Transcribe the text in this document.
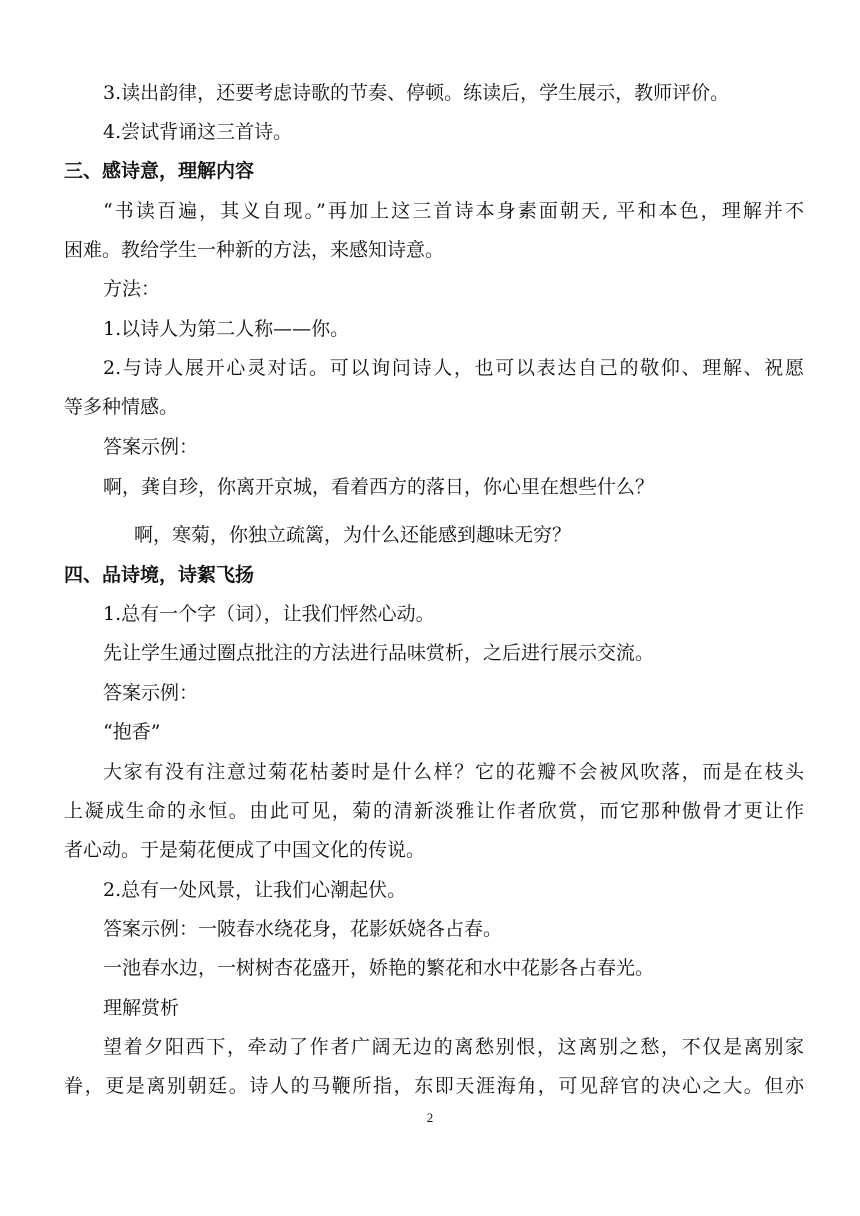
3.读出韵律，还要考虑诗歌的节奏、停顿。练读后，学生展示，教师评价。
4.尝试背诵这三首诗。
三、感诗意，理解内容
“书读百遍，其义自现。”再加上这三首诗本身素面朝天, 平和本色，理解并不
困难。教给学生一种新的方法，来感知诗意。
方法：
1.以诗人为第二人称——你。
2.与诗人展开心灵对话。可以询问诗人，也可以表达自己的敬仰、理解、祝愿
等多种情感。
答案示例：
啊，龚自珍，你离开京城，看着西方的落日，你心里在想些什么？
啊，寒菊，你独立疏篱，为什么还能感到趣味无穷？
四、品诗境，诗絮飞扬
1.总有一个字（词），让我们怦然心动。
先让学生通过圈点批注的方法进行品味赏析，之后进行展示交流。
答案示例：
“抱香”
大家有没有注意过菊花枯萎时是什么样？它的花瓣不会被风吹落，而是在枝头
上凝成生命的永恒。由此可见，菊的清新淡雅让作者欣赏，而它那种傲骨才更让作
者心动。于是菊花便成了中国文化的传说。
2.总有一处风景，让我们心潮起伏。
答案示例：一陂春水绕花身，花影妖娆各占春。
一池春水边，一树树杏花盛开，娇艳的繁花和水中花影各占春光。
理解赏析
望着夕阳西下，牵动了作者广阔无边的离愁别恨，这离别之愁，不仅是离别家
眷，更是离别朝廷。诗人的马鞭所指，东即天涯海角，可见辞官的决心之大。但亦
2
